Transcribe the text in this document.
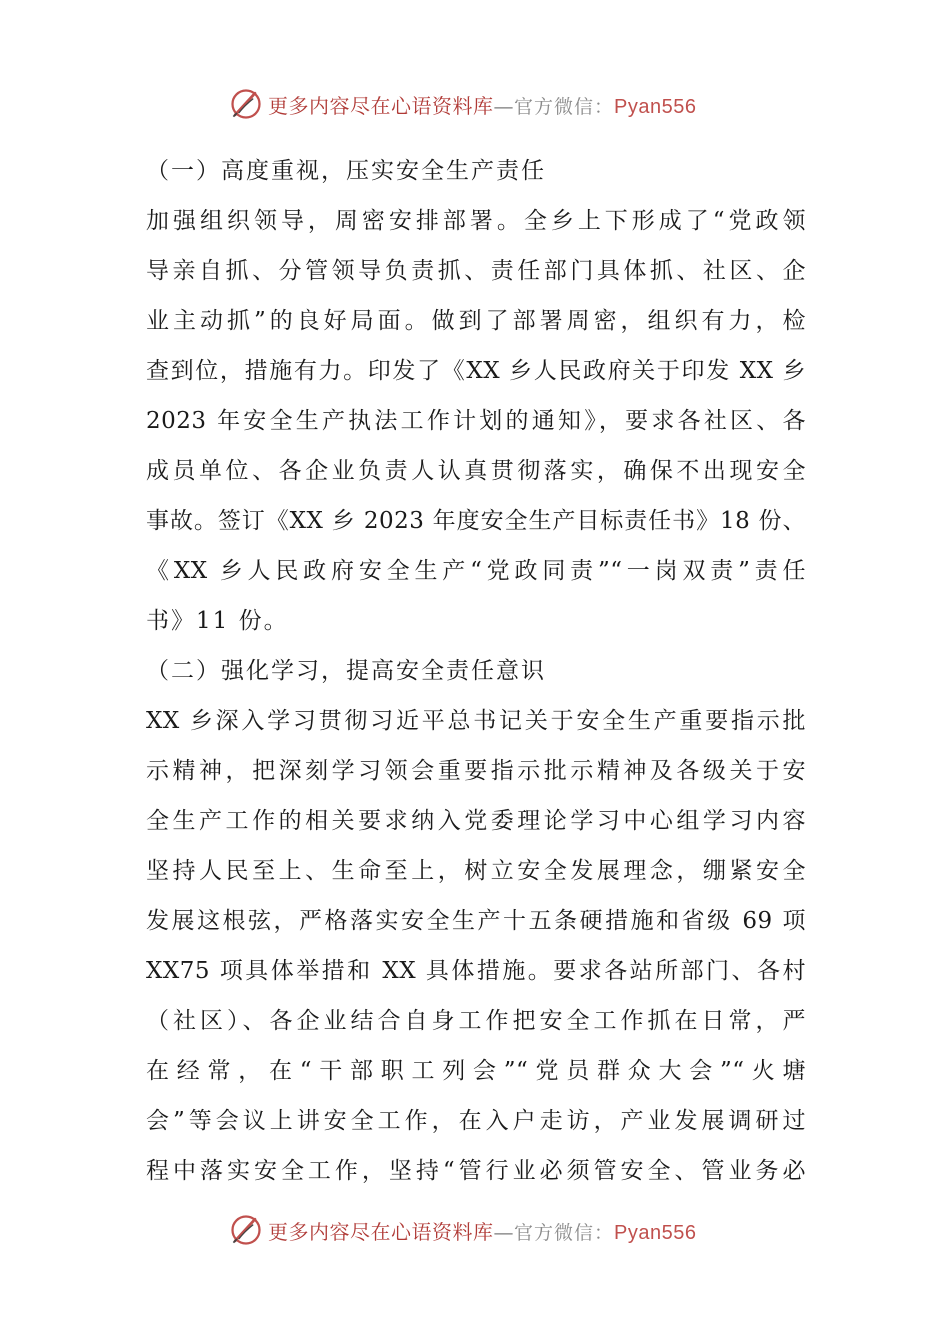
更多内容尽在心语资料库—官方微信：Pyan556
（一）高度重视，压实安全生产责任
加强组织领导，周密安排部署。全乡上下形成了“党政领
导亲自抓、分管领导负责抓、责任部门具体抓、社区、企
业主动抓”的良好局面。做到了部署周密，组织有力，检
查到位，措施有力。印发了《XX 乡人民政府关于印发 XX 乡
2023 年安全生产执法工作计划的通知》，要求各社区、各
成员单位、各企业负责人认真贯彻落实，确保不出现安全
事故。签订《XX 乡 2023 年度安全生产目标责任书》18 份、
《XX 乡人民政府安全生产“党政同责”“一岗双责”责任
书》11 份。
（二）强化学习，提高安全责任意识
XX 乡深入学习贯彻习近平总书记关于安全生产重要指示批
示精神，把深刻学习领会重要指示批示精神及各级关于安
全生产工作的相关要求纳入党委理论学习中心组学习内容
坚持人民至上、生命至上，树立安全发展理念，绷紧安全
发展这根弦，严格落实安全生产十五条硬措施和省级 69 项
XX75 项具体举措和 XX 具体措施。要求各站所部门、各村
（社区）、各企业结合自身工作把安全工作抓在日常，严
在经常，在“干部职工列会”“党员群众大会”“火塘
会”等会议上讲安全工作，在入户走访，产业发展调研过
程中落实安全工作，坚持“管行业必须管安全、管业务必
更多内容尽在心语资料库—官方微信：Pyan556
